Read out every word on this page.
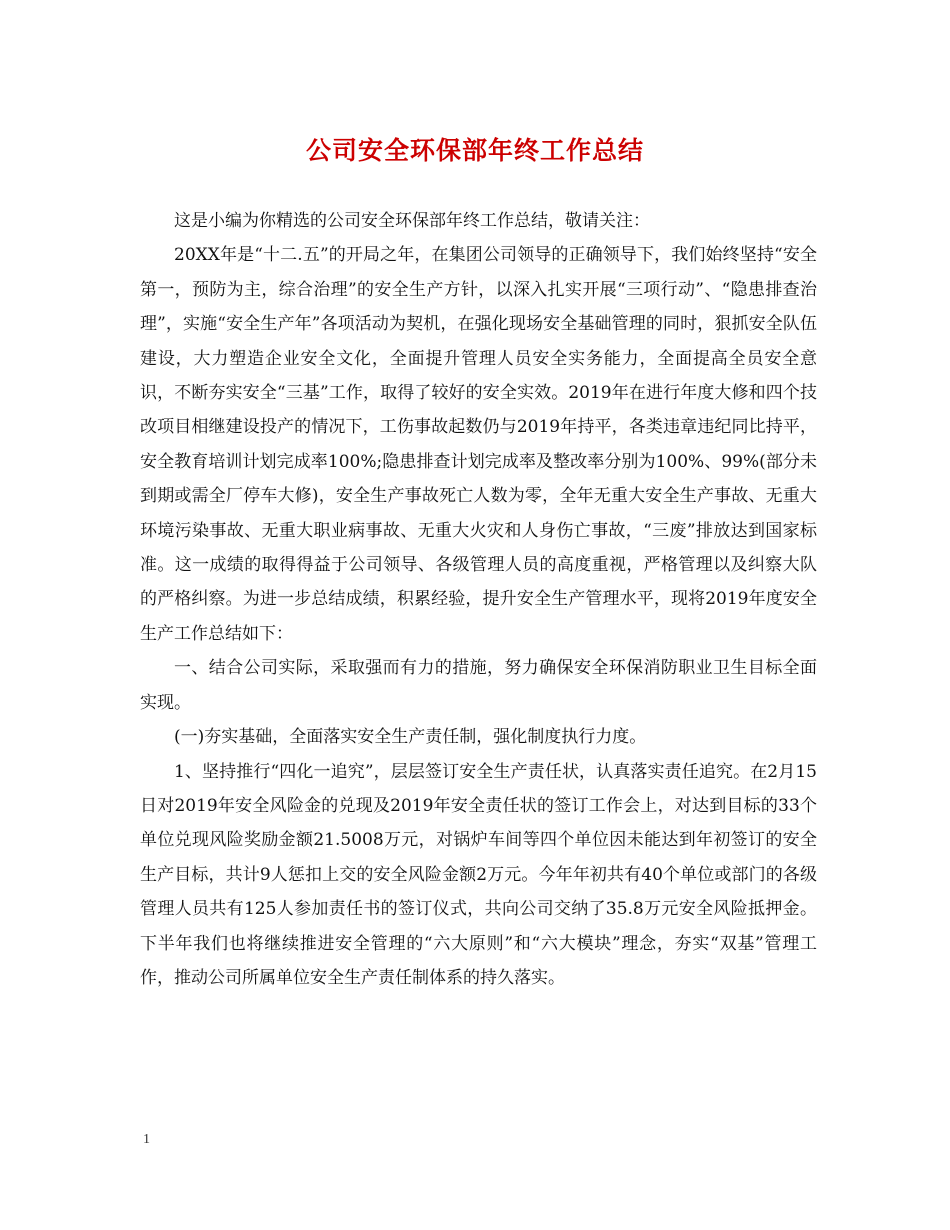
公司安全环保部年终工作总结

这是小编为你精选的公司安全环保部年终工作总结，敬请关注：

20XX年是“十二.五”的开局之年，在集团公司领导的正确领导下，我们始终坚持“安全第一，预防为主，综合治理”的安全生产方针，以深入扎实开展“三项行动”、“隐患排查治理”，实施“安全生产年”各项活动为契机，在强化现场安全基础管理的同时，狠抓安全队伍建设，大力塑造企业安全文化，全面提升管理人员安全实务能力，全面提高全员安全意识，不断夯实安全“三基”工作，取得了较好的安全实效。2019年在进行年度大修和四个技改项目相继建设投产的情况下，工伤事故起数仍与2019年持平，各类违章违纪同比持平，安全教育培训计划完成率100%;隐患排查计划完成率及整改率分别为100%、99%(部分未到期或需全厂停车大修)，安全生产事故死亡人数为零，全年无重大安全生产事故、无重大环境污染事故、无重大职业病事故、无重大火灾和人身伤亡事故，“三废”排放达到国家标准。这一成绩的取得得益于公司领导、各级管理人员的高度重视，严格管理以及纠察大队的严格纠察。为进一步总结成绩，积累经验，提升安全生产管理水平，现将2019年度安全生产工作总结如下：

一、结合公司实际，采取强而有力的措施，努力确保安全环保消防职业卫生目标全面实现。

(一)夯实基础，全面落实安全生产责任制，强化制度执行力度。

1、坚持推行“四化一追究”，层层签订安全生产责任状，认真落实责任追究。在2月15日对2019年安全风险金的兑现及2019年安全责任状的签订工作会上，对达到目标的33个单位兑现风险奖励金额21.5008万元，对锅炉车间等四个单位因未能达到年初签订的安全生产目标，共计9人惩扣上交的安全风险金额2万元。今年年初共有40个单位或部门的各级管理人员共有125人参加责任书的签订仪式，共向公司交纳了35.8万元安全风险抵押金。下半年我们也将继续推进安全管理的“六大原则”和“六大模块”理念，夯实“双基”管理工作，推动公司所属单位安全生产责任制体系的持久落实。

1
